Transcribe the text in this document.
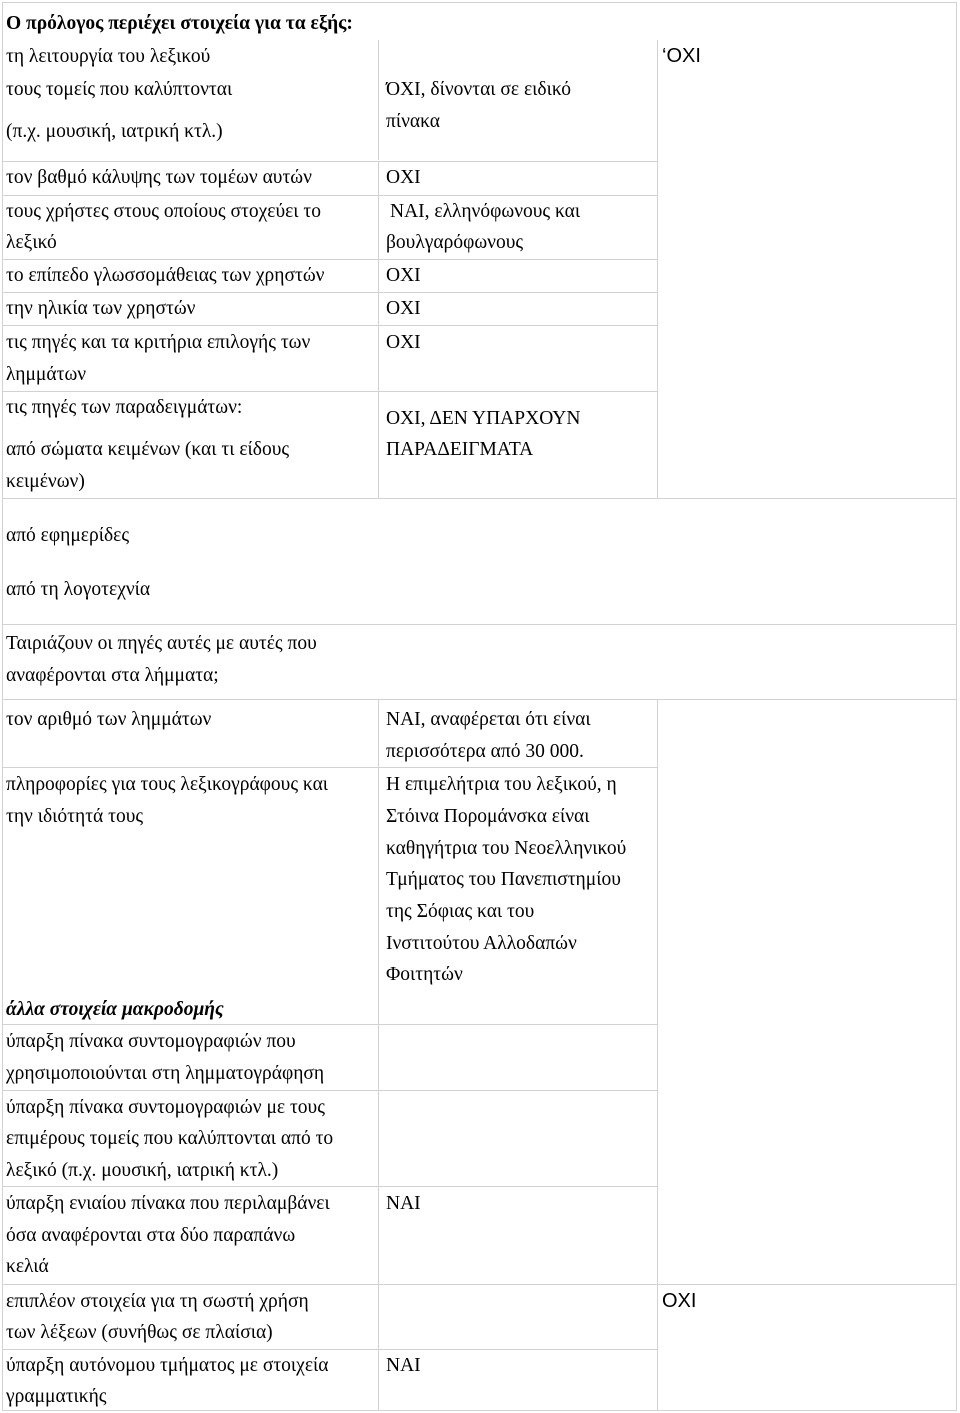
Ο πρόλογος περιέχει στοιχεία για τα εξής:
τη λειτουργία του λεξικού
τους τομείς που καλύπτονται
(π.χ. μουσική, ιατρική κτλ.)
τον βαθμό κάλυψης των τομέων αυτών
τους χρήστες στους οποίους στοχεύει το
λεξικό
το επίπεδο γλωσσομάθειας των χρηστών
την ηλικία των χρηστών
τις πηγές και τα κριτήρια επιλογής των
λημμάτων
τις πηγές των παραδειγμάτων:
από σώματα κειμένων (και τι είδους
κειμένων)
από εφημερίδες
από τη λογοτεχνία
Ταιριάζουν οι πηγές αυτές με αυτές που
αναφέρονται στα λήμματα;
τον αριθμό των λημμάτων
πληροφορίες για τους λεξικογράφους και
την ιδιότητά τους
άλλα στοιχεία μακροδομής
ύπαρξη πίνακα συντομογραφιών που
χρησιμοποιούνται στη λημματογράφηση
ύπαρξη πίνακα συντομογραφιών με τους
επιμέρους τομείς που καλύπτονται από το
λεξικό (π.χ. μουσική, ιατρική κτλ.)
ύπαρξη ενιαίου πίνακα που περιλαμβάνει
όσα αναφέρονται στα δύο παραπάνω
κελιά
επιπλέον στοιχεία για τη σωστή χρήση
των λέξεων (συνήθως σε πλαίσια)
ύπαρξη αυτόνομου τμήματος με στοιχεία
γραμματικής
ΌΧΙ, δίνονται σε ειδικό
πίνακα
ΟΧΙ
ΝΑΙ, ελληνόφωνους και
βουλγαρόφωνους
ΟΧΙ
ΟΧΙ
ΟΧΙ
ΟΧΙ, ΔΕΝ ΥΠΑΡΧΟΥΝ
ΠΑΡΑΔΕΙΓΜΑΤΑ
ΝΑΙ, αναφέρεται ότι είναι
περισσότερα από 30 000.
Η επιμελήτρια του λεξικού, η
Στόινα Πορομάνσκα είναι
καθηγήτρια του Νεοελληνικού
Τμήματος του Πανεπιστημίου
της Σόφιας και του
Ινστιτούτου Αλλοδαπών
Φοιτητών
ΝΑΙ
ΝΑΙ
‘ΟΧΙ
ΟΧΙ
